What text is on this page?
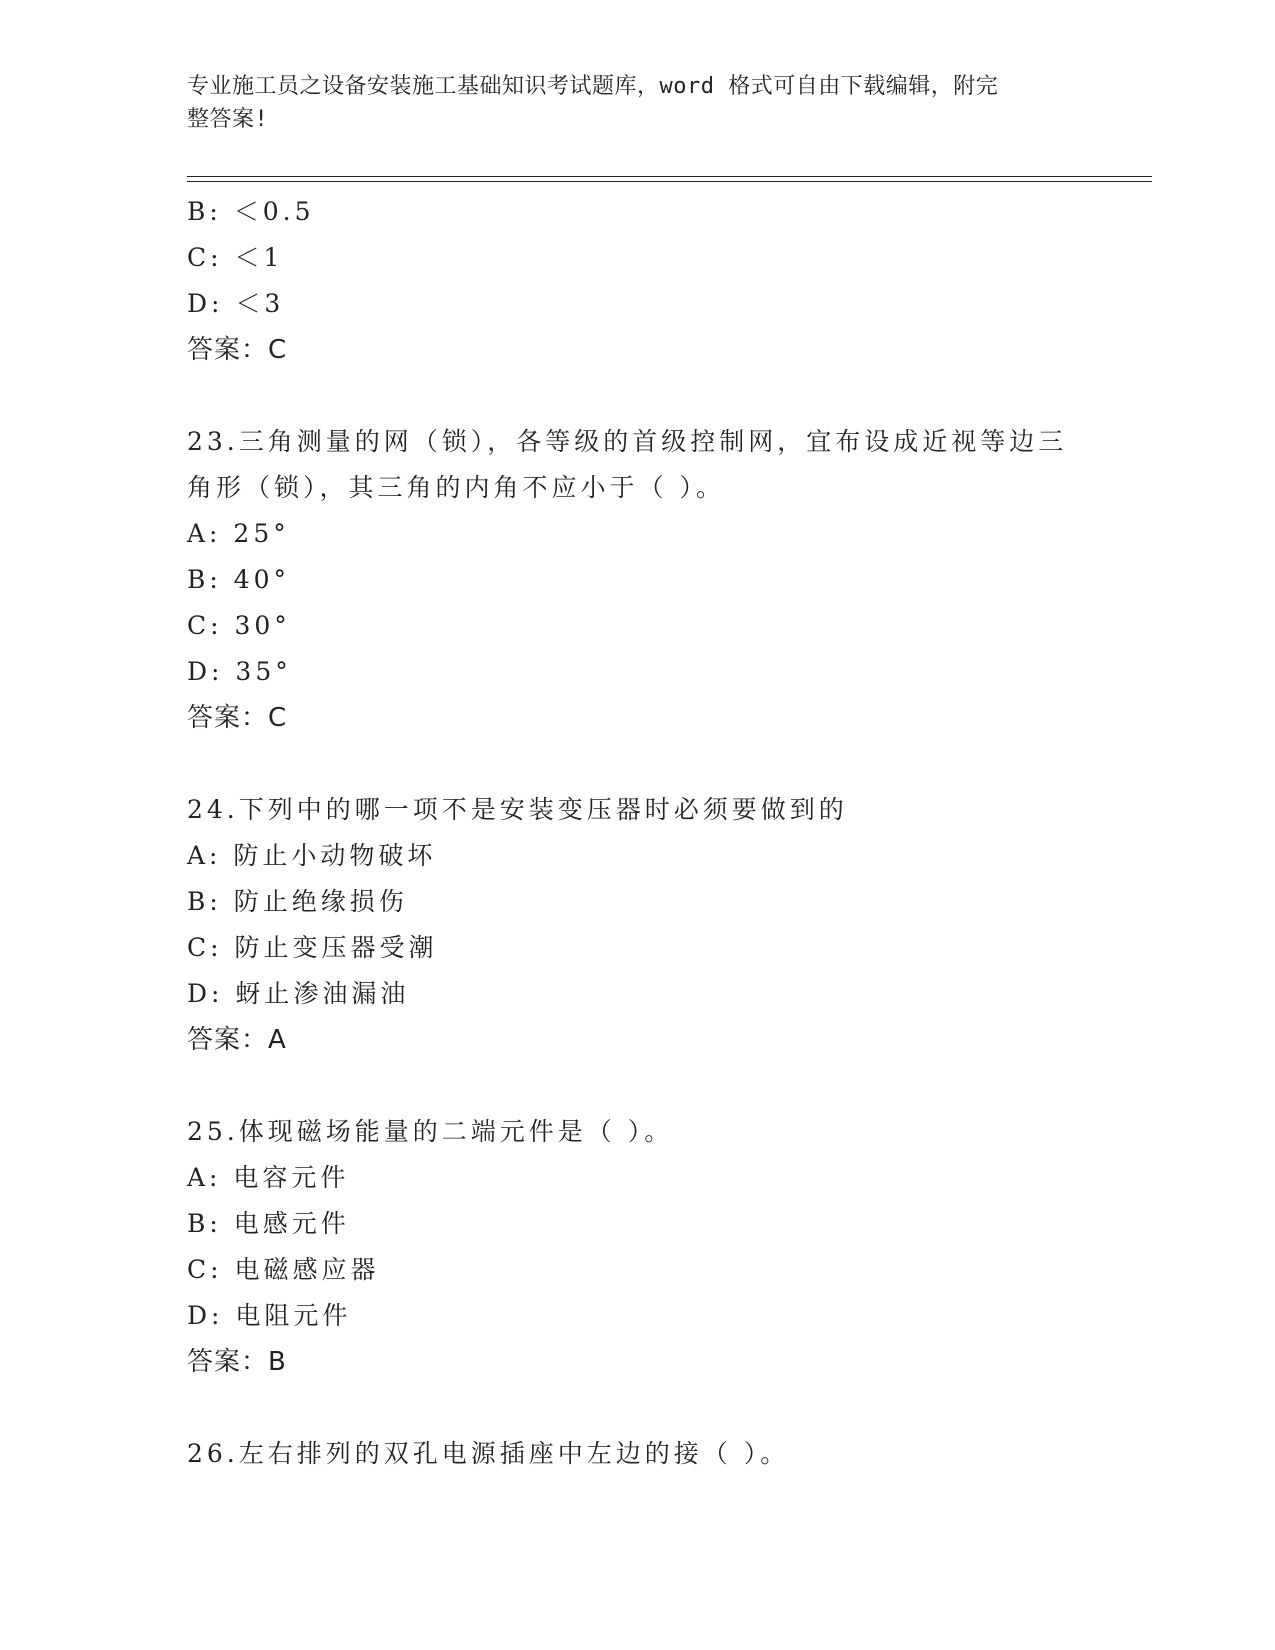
专业施工员之设备安装施工基础知识考试题库，word 格式可自由下载编辑，附完
整答案!
B: ＜0.5
C: ＜1
D: ＜3
答案：C
23.三角测量的网（锁），各等级的首级控制网，宜布设成近视等边三
角形（锁），其三角的内角不应小于（ ）。
A: 25°
B: 40°
C: 30°
D: 35°
答案：C
24.下列中的哪一项不是安装变压器时必须要做到的
A: 防止小动物破坏
B: 防止绝缘损伤
C: 防止变压器受潮
D: 蚜止渗油漏油
答案：A
25.体现磁场能量的二端元件是（ ）。
A: 电容元件
B: 电感元件
C: 电磁感应器
D: 电阻元件
答案：B
26.左右排列的双孔电源插座中左边的接（ ）。
